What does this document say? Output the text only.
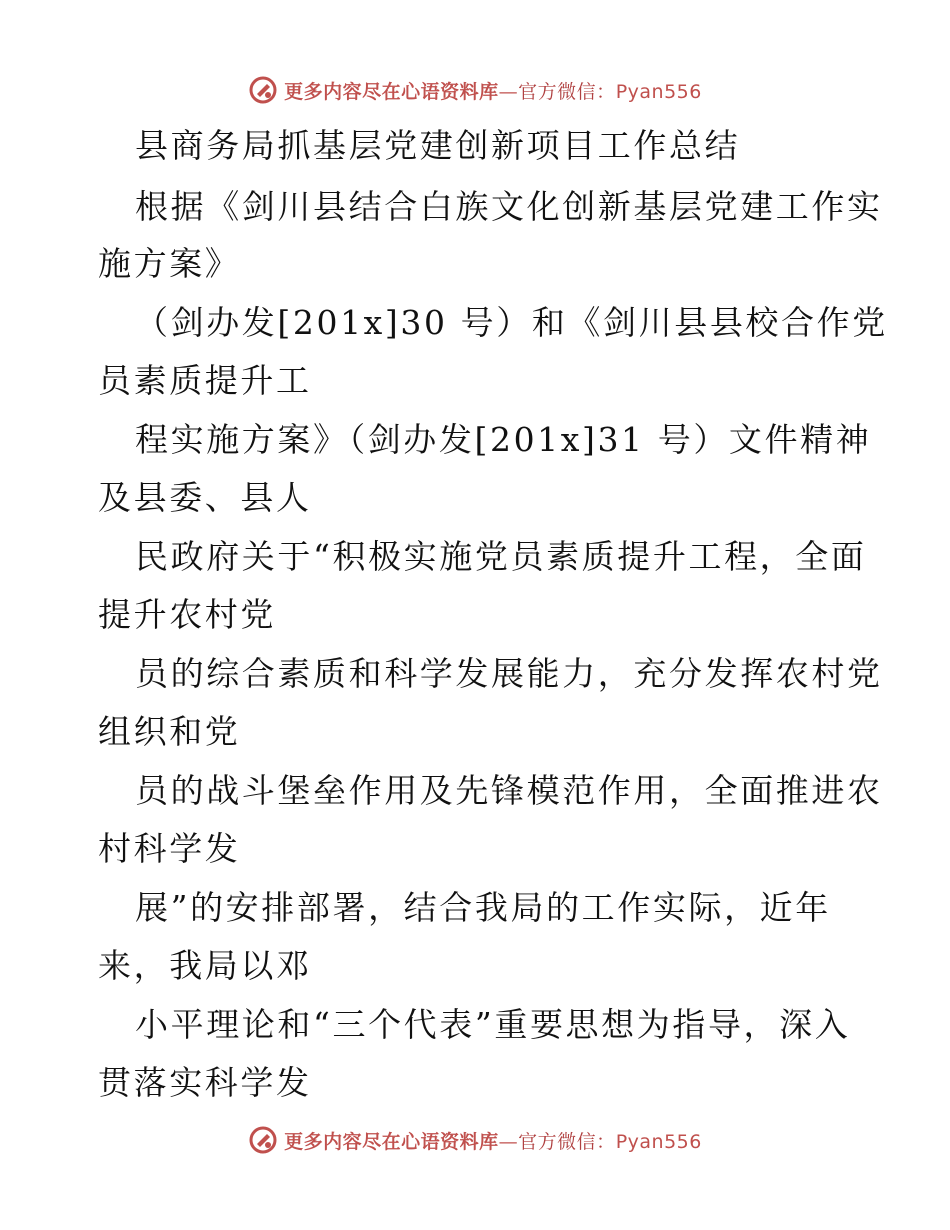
更多内容尽在心语资料库—官方微信：Pyan556
县商务局抓基层党建创新项目工作总结
根据《剑川县结合白族文化创新基层党建工作实
施方案》
（剑办发[201x]30 号）和《剑川县县校合作党
员素质提升工
程实施方案》（剑办发[201x]31 号）文件精神
及县委、县人
民政府关于“积极实施党员素质提升工程，全面
提升农村党
员的综合素质和科学发展能力，充分发挥农村党
组织和党
员的战斗堡垒作用及先锋模范作用，全面推进农
村科学发
展”的安排部署，结合我局的工作实际，近年
来，我局以邓
小平理论和“三个代表”重要思想为指导，深入
贯落实科学发
更多内容尽在心语资料库—官方微信：Pyan556
